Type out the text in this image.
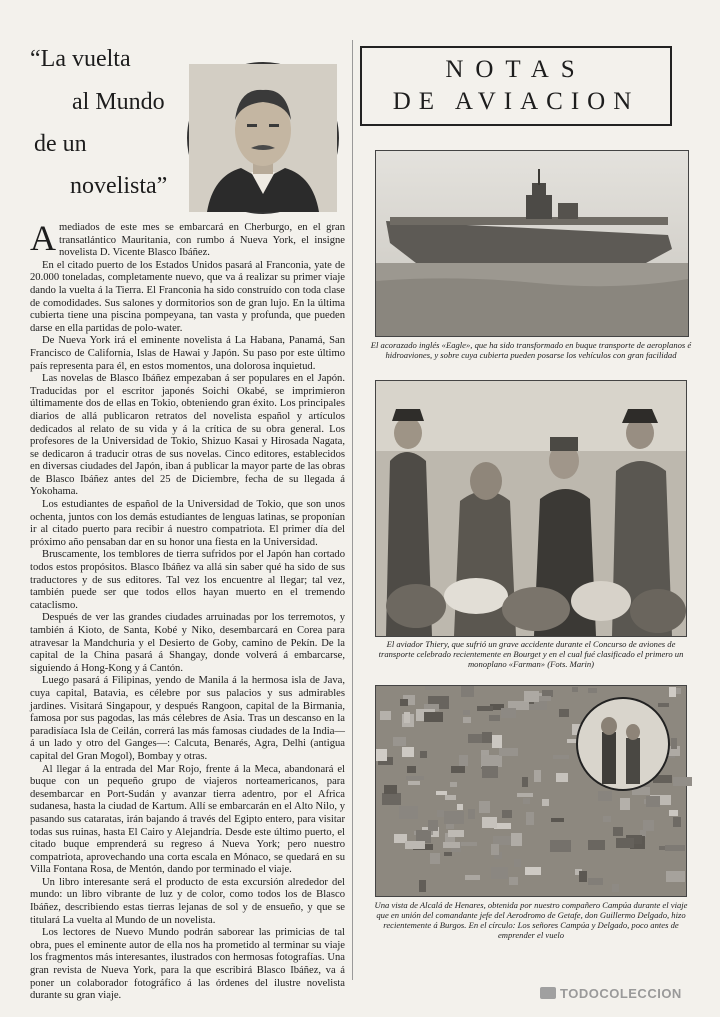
“La vuelta
al Mundo
de un
novelista”

Amediados de este mes se embarcará en Cherburgo, en el gran transatlántico Mauritania, con rumbo á Nueva York, el insigne novelista D. Vicente Blasco Ibáñez.

En el citado puerto de los Estados Unidos pasará al Franconia, yate de 20.000 toneladas, completamente nuevo, que va á realizar su primer viaje dando la vuelta á la Tierra. El Franconia ha sido construído con toda clase de comodidades. Sus salones y dormitorios son de gran lujo. En la última cubierta tiene una piscina pompeyana, tan vasta y profunda, que pueden darse en ella partidas de polo-water.

De Nueva York irá el eminente novelista á La Habana, Panamá, San Francisco de California, Islas de Hawai y Japón. Su paso por este último país representa para él, en estos momentos, una dolorosa inquietud.

Las novelas de Blasco Ibáñez empezaban á ser populares en el Japón. Traducidas por el escritor japonés Soichi Okabé, se imprimieron últimamente dos de ellas en Tokio, obteniendo gran éxito. Los principales diarios de allá publicaron retratos del novelista español y artículos dedicados al relato de su vida y á la crítica de su obra general. Los profesores de la Universidad de Tokio, Shizuo Kasai y Hirosada Nagata, se dedicaron á traducir otras de sus novelas. Cinco editores, establecidos en diversas ciudades del Japón, iban á publicar la mayor parte de las obras de Blasco Ibáñez antes del 25 de Diciembre, fecha de su llegada á Yokohama.

Los estudiantes de español de la Universidad de Tokio, que son unos ochenta, juntos con los demás estudiantes de lenguas latinas, se proponían ir al citado puerto para recibir á nuestro compatriota. El primer día del próximo año pensaban dar en su honor una fiesta en la Universidad.

Bruscamente, los temblores de tierra sufridos por el Japón han cortado todos estos propósitos. Blasco Ibáñez va allá sin saber qué ha sido de sus traductores y de sus editores. Tal vez los encuentre al llegar; tal vez, también puede ser que todos ellos hayan muerto en el tremendo cataclismo.

Después de ver las grandes ciudades arruinadas por los terremotos, y también á Kioto, de Santa, Kobé y Niko, desembarcará en Corea para atravesar la Mandchuria y el Desierto de Goby, camino de Pekín. De la capital de la China pasará á Shangay, donde volverá á embarcarse, siguiendo á Hong-Kong y á Cantón.

Luego pasará á Filipinas, yendo de Manila á la hermosa isla de Java, cuya capital, Batavia, es célebre por sus palacios y sus admirables jardines. Visitará Singapour, y después Rangoon, capital de la Birmania, famosa por sus pagodas, las más célebres de Asia. Tras un descanso en la paradisíaca Isla de Ceilán, correrá las más famosas ciudades de la India—á un lado y otro del Ganges—: Calcuta, Benarés, Agra, Delhi (antigua capital del Gran Mogol), Bombay y otras.

Al llegar á la entrada del Mar Rojo, frente á la Meca, abandonará el buque con un pequeño grupo de viajeros norteamericanos, para desembarcar en Port-Sudán y avanzar tierra adentro, por el Africa sudanesa, hasta la ciudad de Kartum. Allí se embarcarán en el Alto Nilo, y pasando sus cataratas, irán bajando á través del Egipto entero, para visitar todas sus ruinas, hasta El Cairo y Alejandría. Desde este último puerto, el citado buque emprenderá su regreso á Nueva York; pero nuestro compatriota, aprovechando una corta escala en Mónaco, se quedará en su Villa Fontana Rosa, de Mentón, dando por terminado el viaje.

Un libro interesante será el producto de esta excursión alrededor del mundo: un libro vibrante de luz y de color, como todos los de Blasco Ibáñez, describiendo estas tierras lejanas de sol y de ensueño, y que se titulará La vuelta al Mundo de un novelista.

Los lectores de Nuevo Mundo podrán saborear las primicias de tal obra, pues el eminente autor de ella nos ha prometido al terminar su viaje los fragmentos más interesantes, ilustrados con hermosas fotografías. Una gran revista de Nueva York, para la que escribirá Blasco Ibáñez, va á poner un colaborador fotográfico á las órdenes del ilustre novelista durante su gran viaje.

NOTAS
DE AVIACION
El acorazado inglés «Eagle», que ha sido transformado en buque transporte de aeroplanos é hidroaviones, y sobre cuya cubierta pueden posarse los vehículos con gran facilidad
El aviador Thiery, que sufrió un grave accidente durante el Concurso de aviones de transporte celebrado recientemente en Bourget y en el cual fué clasificado el primero un monoplano «Farman» (Fots. Marin)
Una vista de Alcalá de Henares, obtenida por nuestro compañero Campúa durante el viaje que en unión del comandante jefe del Aerodromo de Getafe, don Guillermo Delgado, hizo recientemente á Burgos. En el círculo: Los señores Campúa y Delgado, poco antes de emprender el vuelo
TODOCOLECCION
